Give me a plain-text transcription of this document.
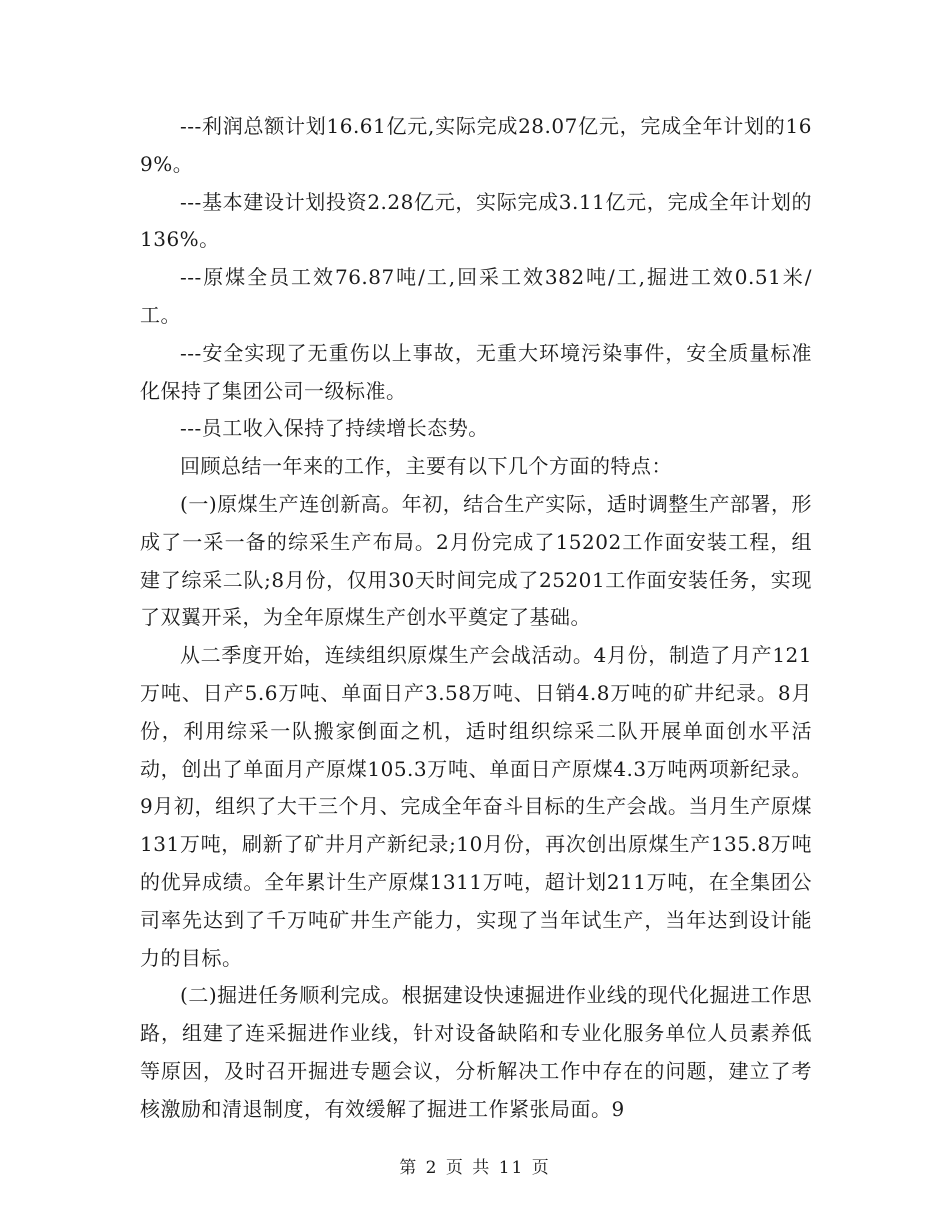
---利润总额计划16.61亿元,实际完成28.07亿元，完成全年计划的169%。

---基本建设计划投资2.28亿元，实际完成3.11亿元，完成全年计划的136%。

---原煤全员工效76.87吨/工,回采工效382吨/工,掘进工效0.51米/工。

---安全实现了无重伤以上事故，无重大环境污染事件，安全质量标准化保持了集团公司一级标准。

---员工收入保持了持续增长态势。

回顾总结一年来的工作，主要有以下几个方面的特点：

(一)原煤生产连创新高。年初，结合生产实际，适时调整生产部署，形成了一采一备的综采生产布局。2月份完成了15202工作面安装工程，组建了综采二队;8月份，仅用30天时间完成了25201工作面安装任务，实现了双翼开采，为全年原煤生产创水平奠定了基础。

从二季度开始，连续组织原煤生产会战活动。4月份，制造了月产121万吨、日产5.6万吨、单面日产3.58万吨、日销4.8万吨的矿井纪录。8月份，利用综采一队搬家倒面之机，适时组织综采二队开展单面创水平活动，创出了单面月产原煤105.3万吨、单面日产原煤4.3万吨两项新纪录。9月初，组织了大干三个月、完成全年奋斗目标的生产会战。当月生产原煤131万吨，刷新了矿井月产新纪录;10月份，再次创出原煤生产135.8万吨的优异成绩。全年累计生产原煤1311万吨，超计划211万吨，在全集团公司率先达到了千万吨矿井生产能力，实现了当年试生产，当年达到设计能力的目标。

(二)掘进任务顺利完成。根据建设快速掘进作业线的现代化掘进工作思路，组建了连采掘进作业线，针对设备缺陷和专业化服务单位人员素养低等原因，及时召开掘进专题会议，分析解决工作中存在的问题，建立了考核激励和清退制度，有效缓解了掘进工作紧张局面。9

第 2 页 共 11 页
